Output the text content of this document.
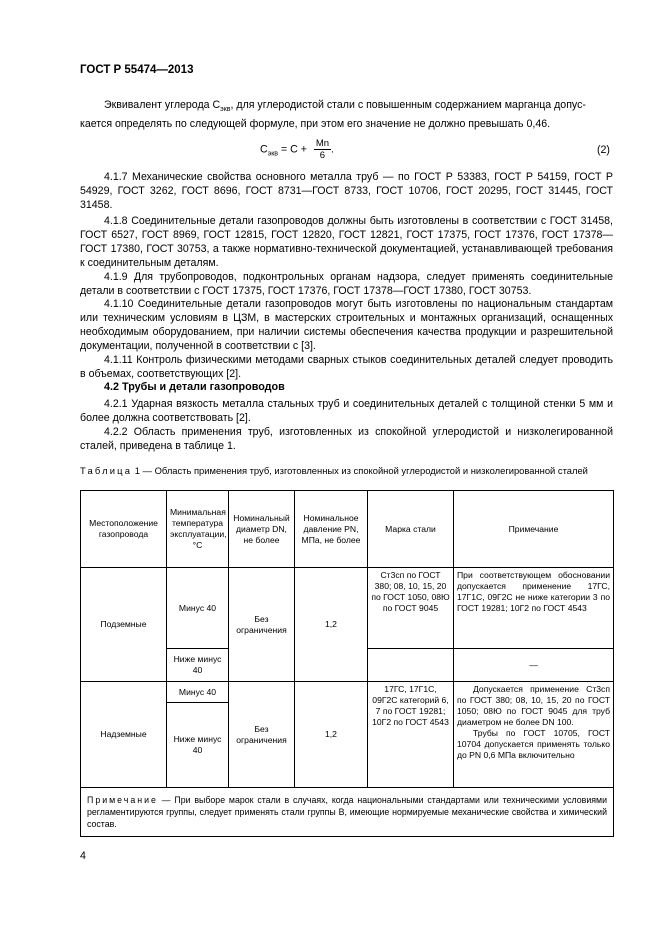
ГОСТ Р 55474—2013
Эквивалент углерода $С_{экв}$, для углеродистой стали с повышенным содержанием марганца допус-
кается определять по следующей формуле, при этом его значение не должно превышать 0,46.
$С_{экв} = С + \frac{Mn}{6}$ .	(2)
4.1.7 Механические свойства основного металла труб — по ГОСТ Р 53383, ГОСТ Р 54159, ГОСТ Р 54929, ГОСТ 3262, ГОСТ 8696, ГОСТ 8731—ГОСТ 8733, ГОСТ 10706, ГОСТ 20295, ГОСТ 31445, ГОСТ 31458.
4.1.8 Соединительные детали газопроводов должны быть изготовлены в соответствии с ГОСТ 31458, ГОСТ 6527, ГОСТ 8969, ГОСТ 12815, ГОСТ 12820, ГОСТ 12821, ГОСТ 17375, ГОСТ 17376, ГОСТ 17378—ГОСТ 17380, ГОСТ 30753, а также нормативно-технической документацией, устанавливающей требования к соединительным деталям.
4.1.9 Для трубопроводов, подконтрольных органам надзора, следует применять соединительные детали в соответствии с ГОСТ 17375, ГОСТ 17376, ГОСТ 17378—ГОСТ 17380, ГОСТ 30753.
4.1.10 Соединительные детали газопроводов могут быть изготовлены по национальным стандартам или техническим условиям в ЦЗМ, в мастерских строительных и монтажных организаций, оснащенных необходимым оборудованием, при наличии системы обеспечения качества продукции и разрешительной документации, полученной в соответствии с [3].
4.1.11 Контроль физическими методами сварных стыков соединительных деталей следует проводить в объемах, соответствующих [2].
4.2 Трубы и детали газопроводов
4.2.1 Ударная вязкость металла стальных труб и соединительных деталей с толщиной стенки 5 мм и более должна соответствовать [2].
4.2.2 Область применения труб, изготовленных из спокойной углеродистой и низколегированной сталей, приведена в таблице 1.
Таблица 1 — Область применения труб, изготовленных из спокойной углеродистой и низколегированной сталей
Местоположение газопровода	Минимальная температура эксплуатации, °С	Номинальный диаметр DN, не более	Номинальное давление PN, МПа, не более	Марка стали	Примечание
Подземные	Минус 40	Без ограничения	1,2	Ст3сп по ГОСТ 380; 08, 10, 15, 20 по ГОСТ 1050, 08Ю по ГОСТ 9045	При соответствующем обосновании допускается применение 17ГС, 17Г1С, 09Г2С не ниже категории 3 по ГОСТ 19281; 10Г2 по ГОСТ 4543
	Ниже минус 40				—
Надземные	Минус 40	Без ограничения	1,2	17ГС, 17Г1С, 09Г2С категорий 6, 7 по ГОСТ 19281; 10Г2 по ГОСТ 4543	Допускается применение Ст3сп по ГОСТ 380; 08, 10, 15, 20 по ГОСТ 1050; 08Ю по ГОСТ 9045 для труб диаметром не более DN 100.
Трубы по ГОСТ 10705, ГОСТ 10704 допускается применять только до PN 0,6 МПа включительно

	Ниже минус 40				
Примечание — При выборе марок стали в случаях, когда национальными стандартами или техническими условиями регламентируются группы, следует применять стали группы В, имеющие нормируемые механические свойства и химический состав.					
4
